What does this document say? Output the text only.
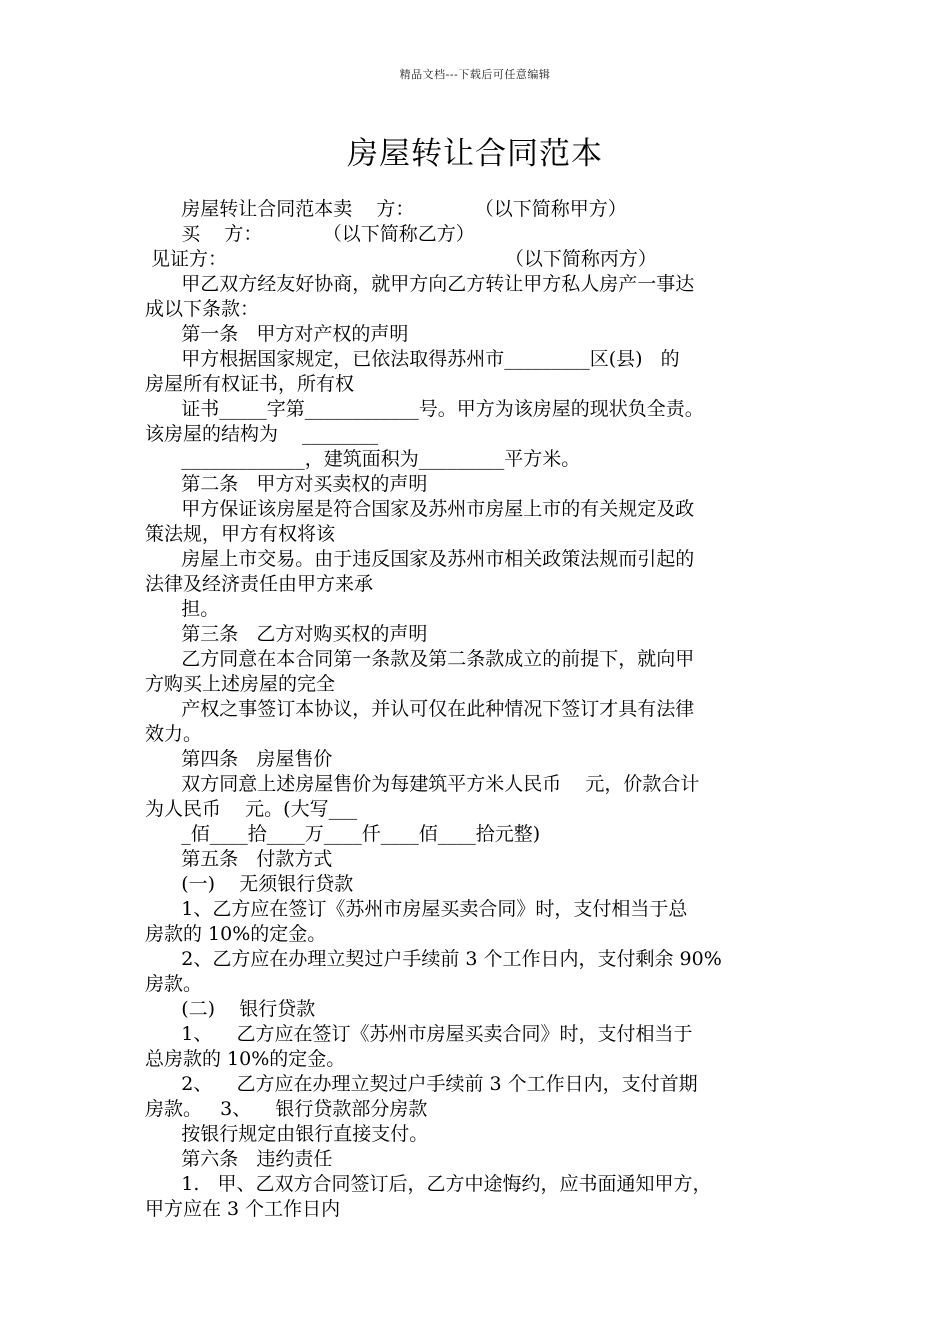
精品文档---下载后可任意编辑
房屋转让合同范本
房屋转让合同范本卖    方：          （以下简称甲方）
买    方：          （以下简称乙方）
见证方：                                              （以下简称丙方）
甲乙双方经友好协商，就甲方向乙方转让甲方私人房产一事达
成以下条款：
第一条   甲方对产权的声明
甲方根据国家规定，已依法取得苏州市_________区(县)   的
房屋所有权证书，所有权
证书_____字第____________号。甲方为该房屋的现状负全责。
该房屋的结构为    ________
_____________，建筑面积为_________平方米。
第二条   甲方对买卖权的声明
甲方保证该房屋是符合国家及苏州市房屋上市的有关规定及政
策法规，甲方有权将该
房屋上市交易。由于违反国家及苏州市相关政策法规而引起的
法律及经济责任由甲方来承
担。
第三条   乙方对购买权的声明
乙方同意在本合同第一条款及第二条款成立的前提下，就向甲
方购买上述房屋的完全
产权之事签订本协议，并认可仅在此种情况下签订才具有法律
效力。
第四条   房屋售价
双方同意上述房屋售价为每建筑平方米人民币    元，价款合计
为人民币    元。(大写___
_佰____拾____万____仟____佰____拾元整)
第五条   付款方式
(一)    无须银行贷款
1、乙方应在签订《苏州市房屋买卖合同》时，支付相当于总
房款的 10%的定金。
2、乙方应在办理立契过户手续前 3 个工作日内，支付剩余 90%
房款。
(二)    银行贷款
1、    乙方应在签订《苏州市房屋买卖合同》时，支付相当于
总房款的 10%的定金。
2、    乙方应在办理立契过户手续前 3 个工作日内，支付首期
房款。   3、    银行贷款部分房款
按银行规定由银行直接支付。
第六条   违约责任
1.   甲、乙双方合同签订后，乙方中途悔约，应书面通知甲方，
甲方应在 3 个工作日内
